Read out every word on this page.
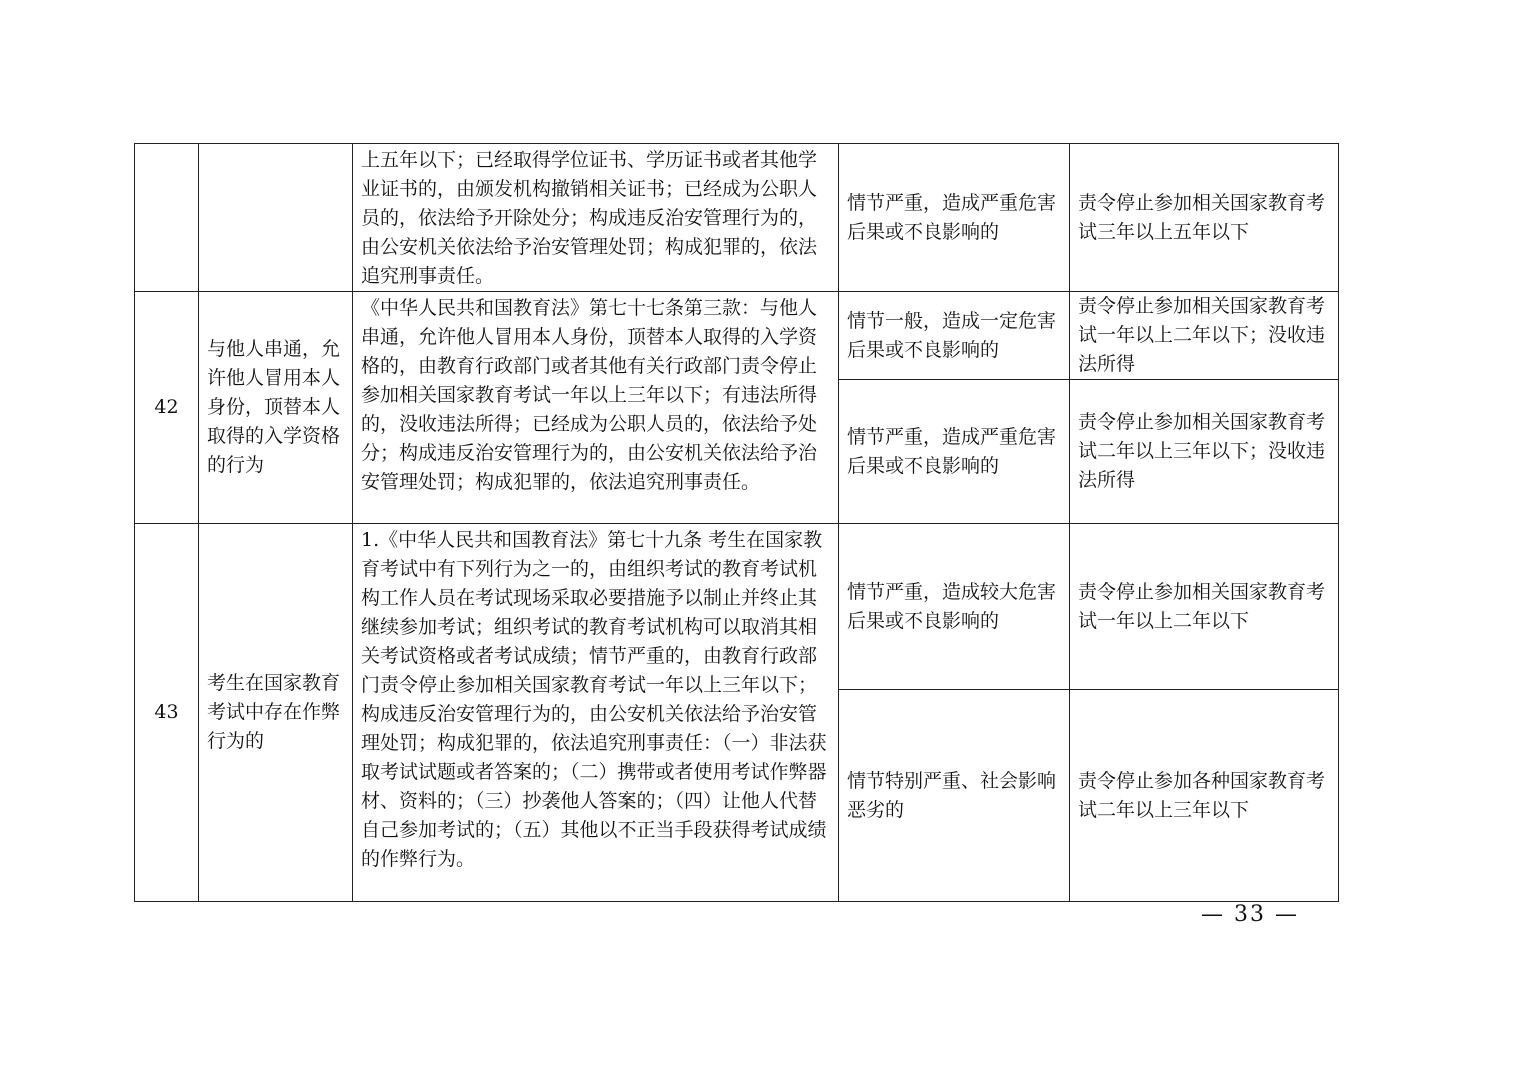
		上五年以下；已经取得学位证书、学历证书或者其他学业证书的，由颁发机构撤销相关证书；已经成为公职人员的，依法给予开除处分；构成违反治安管理行为的，由公安机关依法给予治安管理处罚；构成犯罪的，依法追究刑事责任。	情节严重，造成严重危害后果或不良影响的	责令停止参加相关国家教育考试三年以上五年以下
42	与他人串通，允许他人冒用本人身份，顶替本人取得的入学资格的行为	《中华人民共和国教育法》第七十七条第三款：与他人串通，允许他人冒用本人身份，顶替本人取得的入学资格的，由教育行政部门或者其他有关行政部门责令停止参加相关国家教育考试一年以上三年以下；有违法所得的，没收违法所得；已经成为公职人员的，依法给予处分；构成违反治安管理行为的，由公安机关依法给予治安管理处罚；构成犯罪的，依法追究刑事责任。	情节一般，造成一定危害后果或不良影响的	责令停止参加相关国家教育考试一年以上二年以下；没收违法所得
			情节严重，造成严重危害后果或不良影响的	责令停止参加相关国家教育考试二年以上三年以下；没收违法所得
43	考生在国家教育考试中存在作弊行为的	1.《中华人民共和国教育法》第七十九条 考生在国家教育考试中有下列行为之一的，由组织考试的教育考试机构工作人员在考试现场采取必要措施予以制止并终止其继续参加考试；组织考试的教育考试机构可以取消其相关考试资格或者考试成绩；情节严重的，由教育行政部门责令停止参加相关国家教育考试一年以上三年以下；构成违反治安管理行为的，由公安机关依法给予治安管理处罚；构成犯罪的，依法追究刑事责任：（一）非法获取考试试题或者答案的；（二）携带或者使用考试作弊器材、资料的；（三）抄袭他人答案的；（四）让他人代替自己参加考试的；（五）其他以不正当手段获得考试成绩的作弊行为。	情节严重，造成较大危害后果或不良影响的	责令停止参加相关国家教育考试一年以上二年以下
			情节特别严重、社会影响恶劣的	责令停止参加各种国家教育考试二年以上三年以下
— 33 —
